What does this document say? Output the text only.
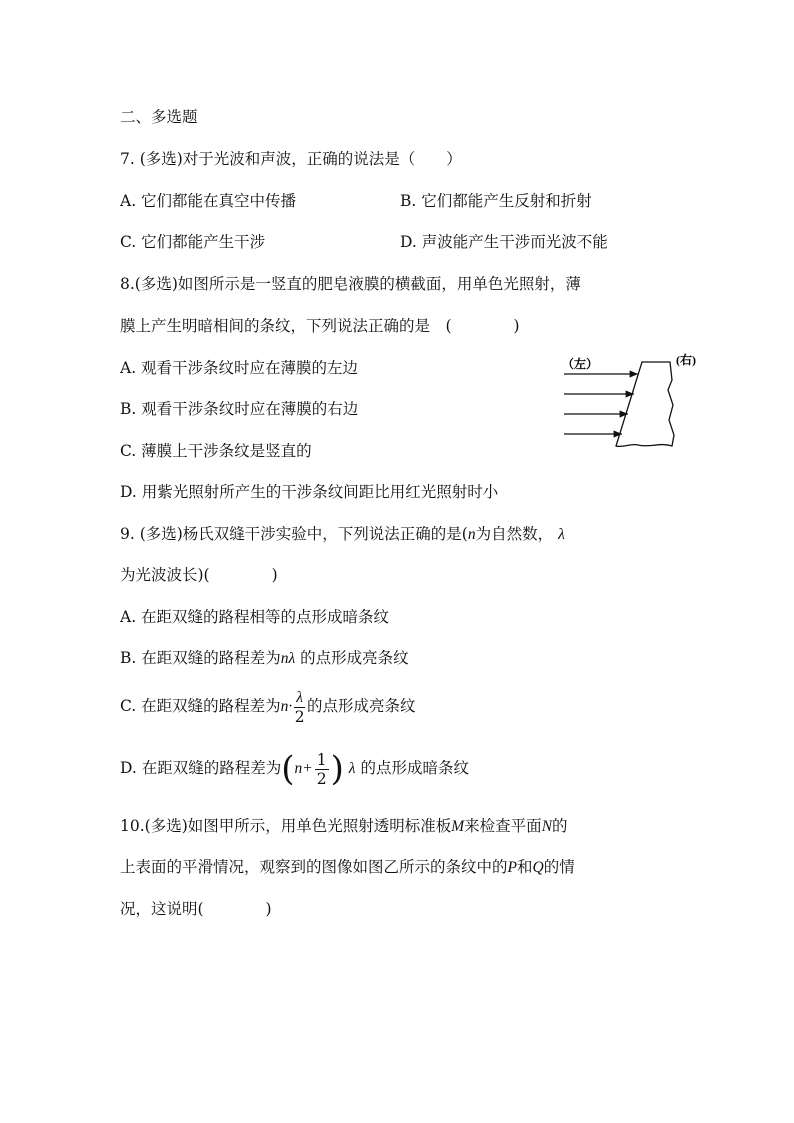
二、多选题
7. (多选)对于光波和声波，正确的说法是（　　）
A. 它们都能在真空中传播	B. 它们都能产生反射和折射
C. 它们都能产生干涉	D. 声波能产生干涉而光波不能
8.(多选)如图所示是一竖直的肥皂液膜的横截面，用单色光照射，薄
膜上产生明暗相间的条纹，下列说法正确的是　(　　　　)
A. 观看干涉条纹时应在薄膜的左边
B. 观看干涉条纹时应在薄膜的右边
C. 薄膜上干涉条纹是竖直的
D. 用紫光照射所产生的干涉条纹间距比用红光照射时小
（左）	(右)
9. (多选)杨氏双缝干涉实验中，下列说法正确的是(n为自然数， λ
为光波波长)(　　　　)
A. 在距双缝的路程相等的点形成暗条纹
B. 在距双缝的路程差为nλ 的点形成亮条纹
C. 在距双缝的路程差为$n\cdot \frac{\lambda}{2}$ 的点形成亮条纹
D. 在距双缝的路程差为($n+ \frac{1}{2}$ ) λ 的点形成暗条纹
10.(多选)如图甲所示，用单色光照射透明标准板M来检查平面N的
上表面的平滑情况，观察到的图像如图乙所示的条纹中的P和Q的情
况，这说明(　　　　)
